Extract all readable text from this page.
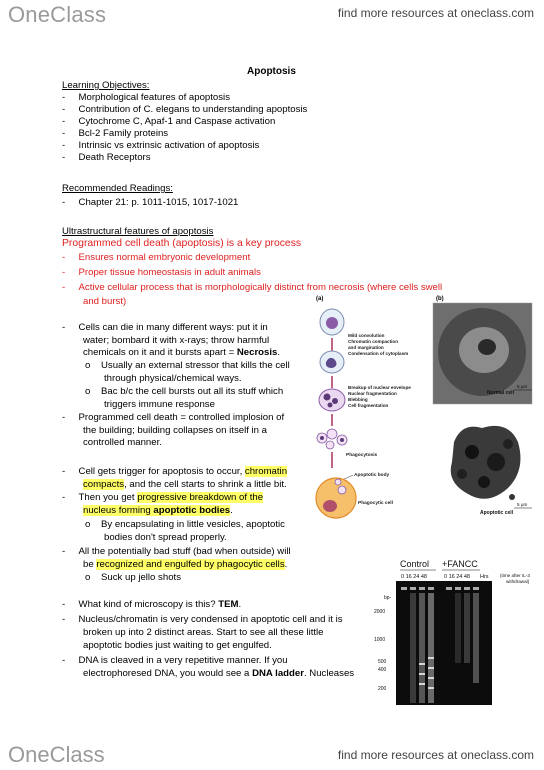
OneClass	find more resources at oneclass.com
Apoptosis
Learning Objectives:
-     Morphological features of apoptosis
-     Contribution of C. elegans to understanding apoptosis
-     Cytochrome C, Apaf-1 and Caspase activation
-     Bcl-2 Family proteins
-     Intrinsic vs extrinsic activation of apoptosis
-     Death Receptors
Recommended Readings:
-     Chapter 21: p. 1011-1015, 1017-1021
Ultrastructural features of apoptosis
Programmed cell death (apoptosis) is a key process
-     Ensures normal embryonic development
-     Proper tissue homeostasis in adult animals
-     Active cellular process that is morphologically distinct from necrosis (where cells swell
and burst)
-     Cells can die in many different ways: put it in
water; bombard it with x-rays; throw harmful
chemicals on it and it bursts apart = Necrosis.
o    Usually an external stressor that kills the cell
through physical/chemical ways.
o    Bac b/c the cell bursts out all its stuff which
triggers immune response
-     Programmed cell death = controlled implosion of
the building; building collapses on itself in a
controlled manner.
-     Cell gets trigger for apoptosis to occur, chromatin
compacts, and the cell starts to shrink a little bit.
-     Then you get progressive breakdown of the
nucleus forming apoptotic bodies.
o    By encapsulating in little vesicles, apoptotic
bodies don't spread properly.
-     All the potentially bad stuff (bad when outside) will
be recognized and engulfed by phagocytic cells.
o    Suck up jello shots
-     What kind of microscopy is this? TEM.
-     Nucleus/chromatin is very condensed in apoptotic cell and it is
broken up into 2 distinct areas. Start to see all these little
apoptotic bodies just waiting to get engulfed.
-     DNA is cleaved in a very repetitive manner. If you
electrophoresed DNA, you would see a DNA ladder. Nucleases
(a)	(b)
Mild convolution
Chromatin compaction
and margination
Condensation of cytoplasm
Breakup of nuclear envelope
Nuclear fragmentation
Blebbing
Cell fragmentation
Phagocytosis
Apoptotic body
Phagocytic cell
Normal cell
5 μm
Apoptotic cell
5 μm
Control +FANCC
0 16 24 48	0 16 24 48 Hrs (time after IL-3
withdrawal)
bp-
2000
1000
500
400
200
OneClass	find more resources at oneclass.com
